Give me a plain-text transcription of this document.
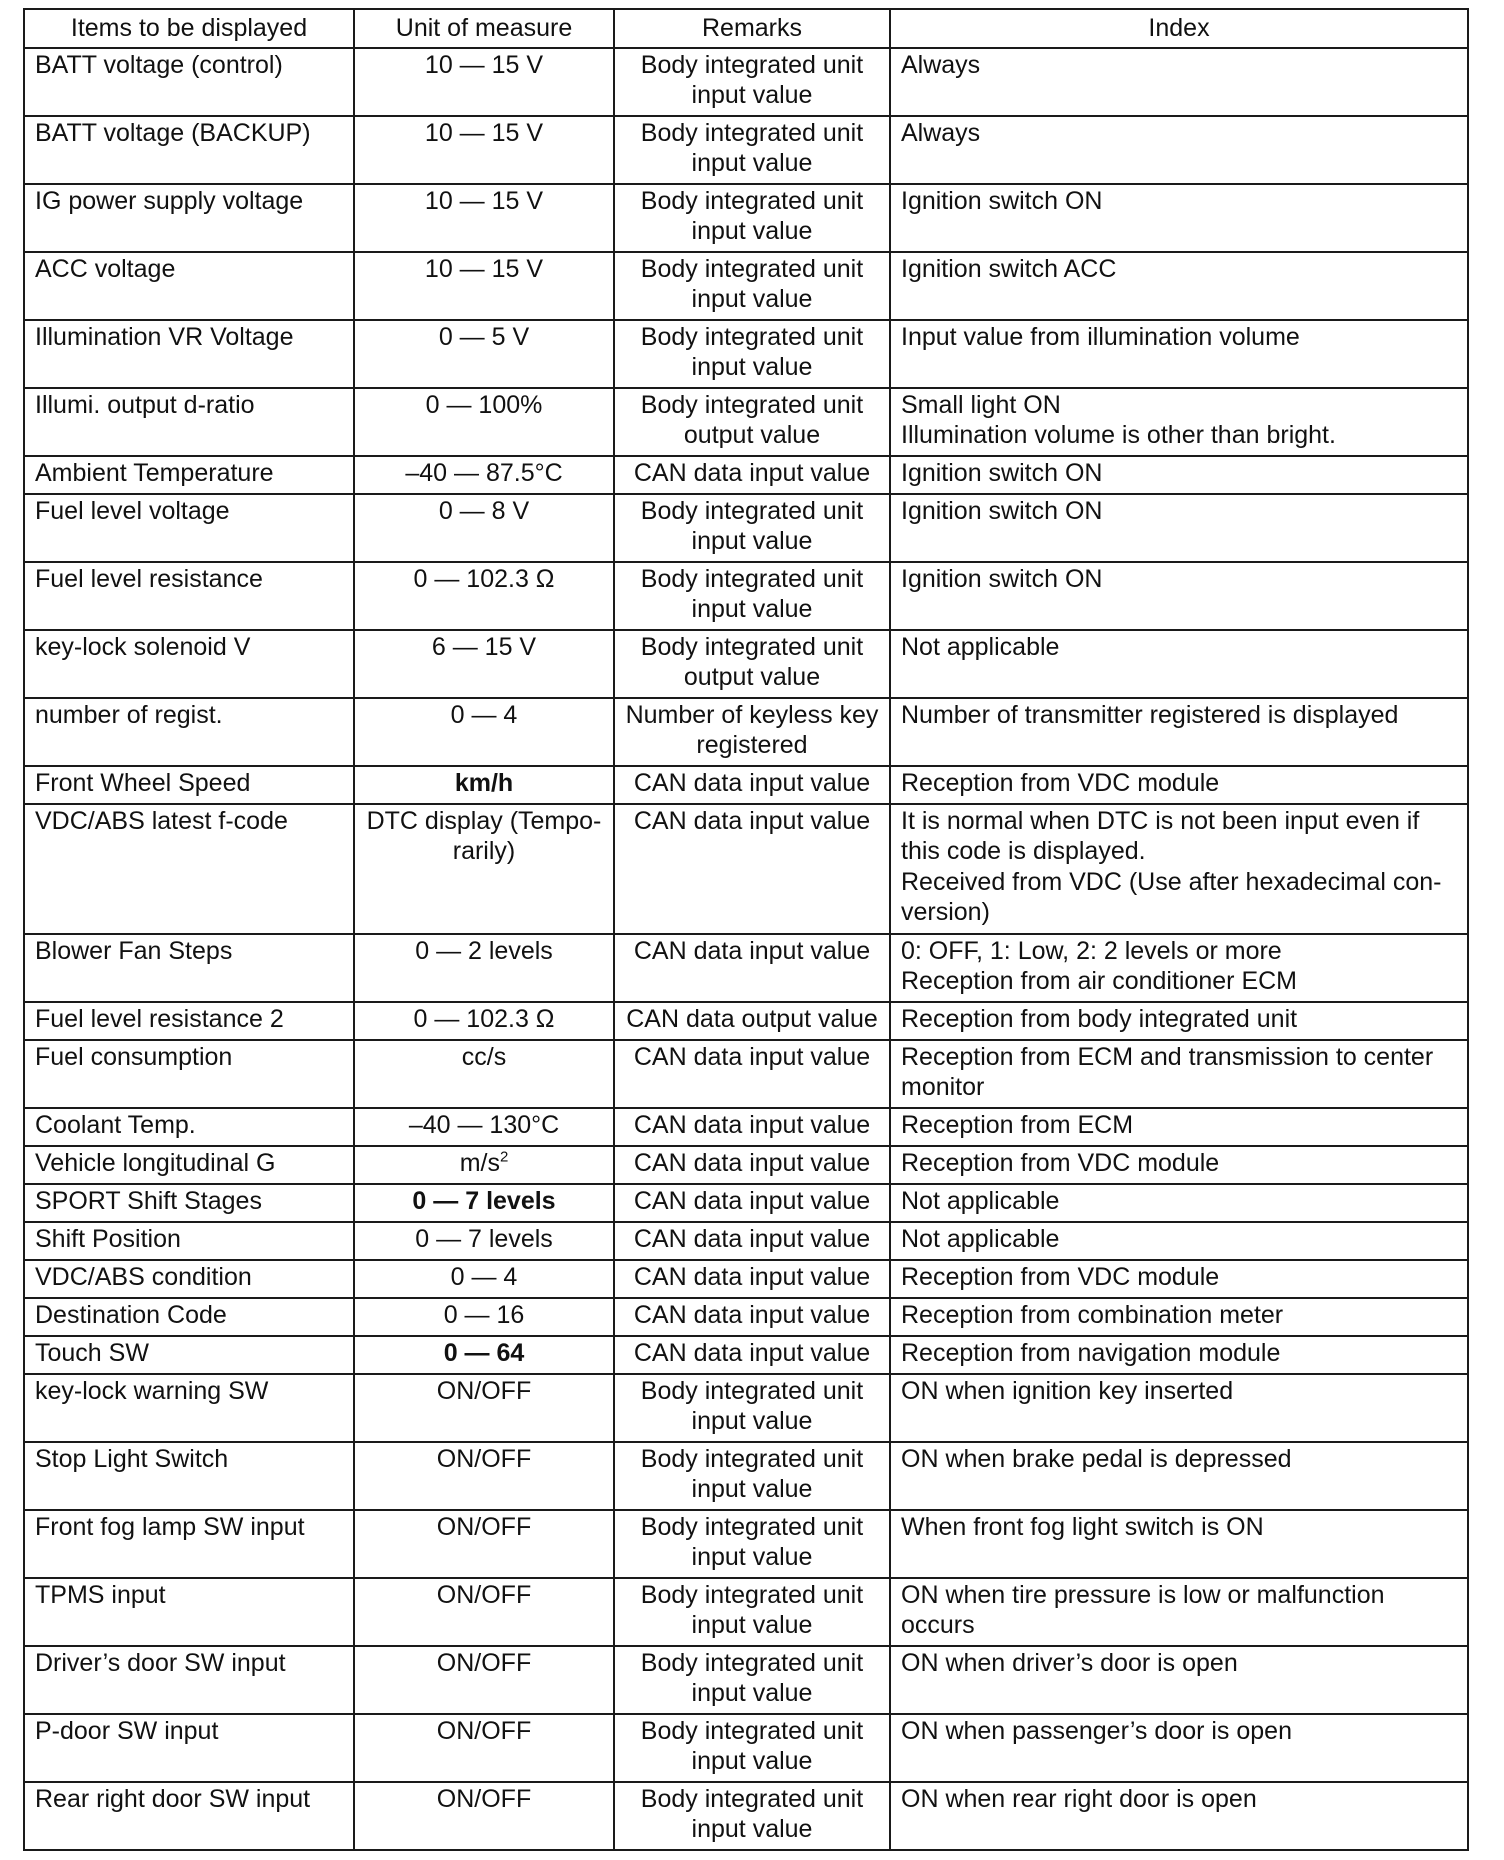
Items to be displayed	Unit of measure	Remarks	Index
BATT voltage (control)	10 — 15 V	Body integrated unit input value	Always
BATT voltage (BACKUP)	10 — 15 V	Body integrated unit input value	Always
IG power supply voltage	10 — 15 V	Body integrated unit input value	Ignition switch ON
ACC voltage	10 — 15 V	Body integrated unit input value	Ignition switch ACC
Illumination VR Voltage	0 — 5 V	Body integrated unit input value	Input value from illumination volume
Illumi. output d-ratio	0 — 100%	Body integrated unit output value	Small light ON
Illumination volume is other than bright.
Ambient Temperature	–40 — 87.5°C	CAN data input value	Ignition switch ON
Fuel level voltage	0 — 8 V	Body integrated unit input value	Ignition switch ON
Fuel level resistance	0 — 102.3 Ω	Body integrated unit input value	Ignition switch ON
key-lock solenoid V	6 — 15 V	Body integrated unit output value	Not applicable
number of regist.	0 — 4	Number of keyless key registered	Number of transmitter registered is displayed
Front Wheel Speed	km/h	CAN data input value	Reception from VDC module
VDC/ABS latest f-code	DTC display (Tempo-rarily)	CAN data input value	It is normal when DTC is not been input even if this code is displayed.
Received from VDC (Use after hexadecimal con-version)
Blower Fan Steps	0 — 2 levels	CAN data input value	0: OFF, 1: Low, 2: 2 levels or more
Reception from air conditioner ECM
Fuel level resistance 2	0 — 102.3 Ω	CAN data output value	Reception from body integrated unit
Fuel consumption	cc/s	CAN data input value	Reception from ECM and transmission to center monitor
Coolant Temp.	–40 — 130°C	CAN data input value	Reception from ECM
Vehicle longitudinal G	$m/s^2$	CAN data input value	Reception from VDC module
SPORT Shift Stages	0 — 7 levels	CAN data input value	Not applicable
Shift Position	0 — 7 levels	CAN data input value	Not applicable
VDC/ABS condition	0 — 4	CAN data input value	Reception from VDC module
Destination Code	0 — 16	CAN data input value	Reception from combination meter
Touch SW	0 — 64	CAN data input value	Reception from navigation module
key-lock warning SW	ON/OFF	Body integrated unit input value	ON when ignition key inserted
Stop Light Switch	ON/OFF	Body integrated unit input value	ON when brake pedal is depressed
Front fog lamp SW input	ON/OFF	Body integrated unit input value	When front fog light switch is ON
TPMS input	ON/OFF	Body integrated unit input value	ON when tire pressure is low or malfunction occurs
Driver’s door SW input	ON/OFF	Body integrated unit input value	ON when driver’s door is open
P-door SW input	ON/OFF	Body integrated unit input value	ON when passenger’s door is open
Rear right door SW input	ON/OFF	Body integrated unit input value	ON when rear right door is open
